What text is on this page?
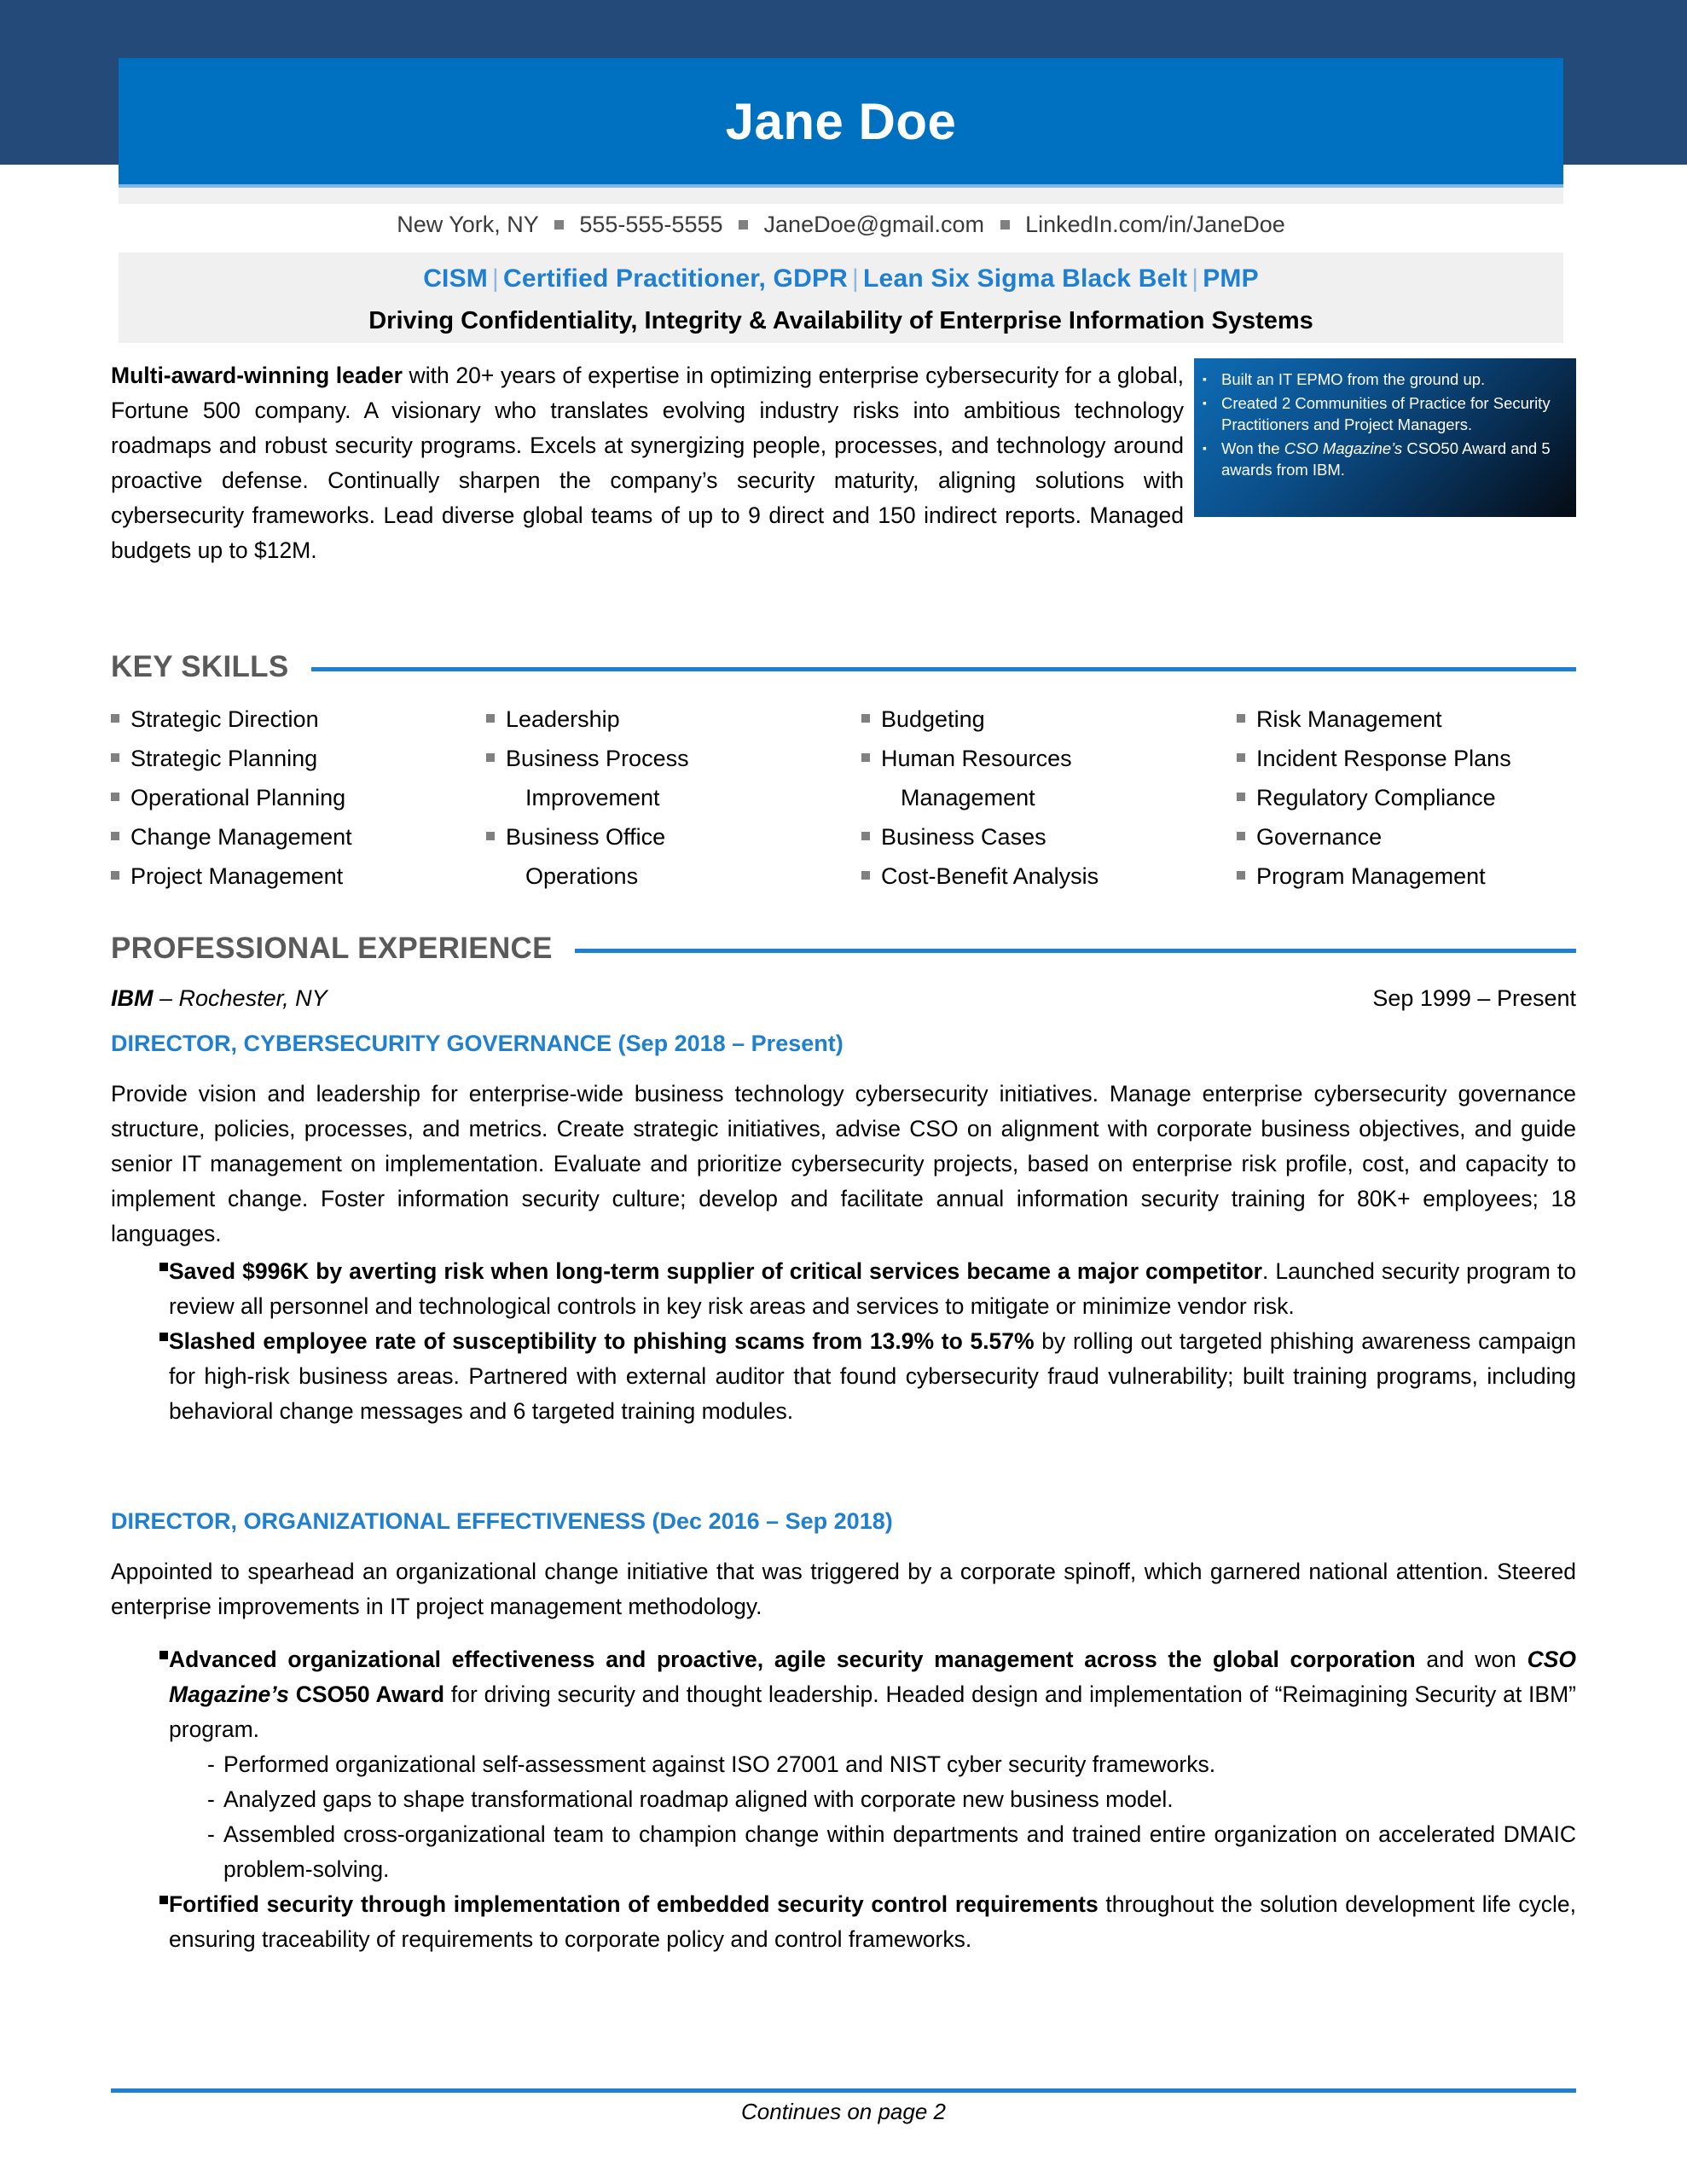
Jane Doe
New York, NY 555-555-5555 JaneDoe@gmail.com LinkedIn.com/in/JaneDoe
CISM | Certified Practitioner, GDPR | Lean Six Sigma Black Belt | PMP
Driving Confidentiality, Integrity & Availability of Enterprise Information Systems
Multi-award-winning leader with 20+ years of expertise in optimizing enterprise cybersecurity for a global, Fortune 500 company. A visionary who translates evolving industry risks into ambitious technology roadmaps and robust security programs. Excels at synergizing people, processes, and technology around proactive defense. Continually sharpen the company’s security maturity, aligning solutions with cybersecurity frameworks. Lead diverse global teams of up to 9 direct and 150 indirect reports. Managed budgets up to $12M.
▪ Built an IT EPMO from the ground up.
▪ Created 2 Communities of Practice for Security Practitioners and Project Managers.
▪ Won the CSO Magazine’s CSO50 Award and 5 awards from IBM.
KEY SKILLS
Strategic Direction	Leadership	Budgeting	Risk Management
Strategic Planning	Business Process	Human Resources	Incident Response Plans
Operational Planning	Improvement	Management	Regulatory Compliance
Change Management	Business Office	Business Cases	Governance
Project Management	Operations	Cost-Benefit Analysis	Program Management
PROFESSIONAL EXPERIENCE
IBM – Rochester, NY	Sep 1999 – Present
DIRECTOR, CYBERSECURITY GOVERNANCE (Sep 2018 – Present)
Provide vision and leadership for enterprise-wide business technology cybersecurity initiatives. Manage enterprise cybersecurity governance structure, policies, processes, and metrics. Create strategic initiatives, advise CSO on alignment with corporate business objectives, and guide senior IT management on implementation. Evaluate and prioritize cybersecurity projects, based on enterprise risk profile, cost, and capacity to implement change. Foster information security culture; develop and facilitate annual information security training for 80K+ employees; 18 languages.
Saved $996K by averting risk when long-term supplier of critical services became a major competitor. Launched security program to review all personnel and technological controls in key risk areas and services to mitigate or minimize vendor risk.
Slashed employee rate of susceptibility to phishing scams from 13.9% to 5.57% by rolling out targeted phishing awareness campaign for high-risk business areas. Partnered with external auditor that found cybersecurity fraud vulnerability; built training programs, including behavioral change messages and 6 targeted training modules.
DIRECTOR, ORGANIZATIONAL EFFECTIVENESS (Dec 2016 – Sep 2018)
Appointed to spearhead an organizational change initiative that was triggered by a corporate spinoff, which garnered national attention. Steered enterprise improvements in IT project management methodology.
Advanced organizational effectiveness and proactive, agile security management across the global corporation and won CSO Magazine’s CSO50 Award for driving security and thought leadership. Headed design and implementation of “Reimagining Security at IBM” program.
- Performed organizational self-assessment against ISO 27001 and NIST cyber security frameworks.
- Analyzed gaps to shape transformational roadmap aligned with corporate new business model.
- Assembled cross-organizational team to champion change within departments and trained entire organization on accelerated DMAIC problem-solving.
Fortified security through implementation of embedded security control requirements throughout the solution development life cycle, ensuring traceability of requirements to corporate policy and control frameworks.
Continues on page 2
